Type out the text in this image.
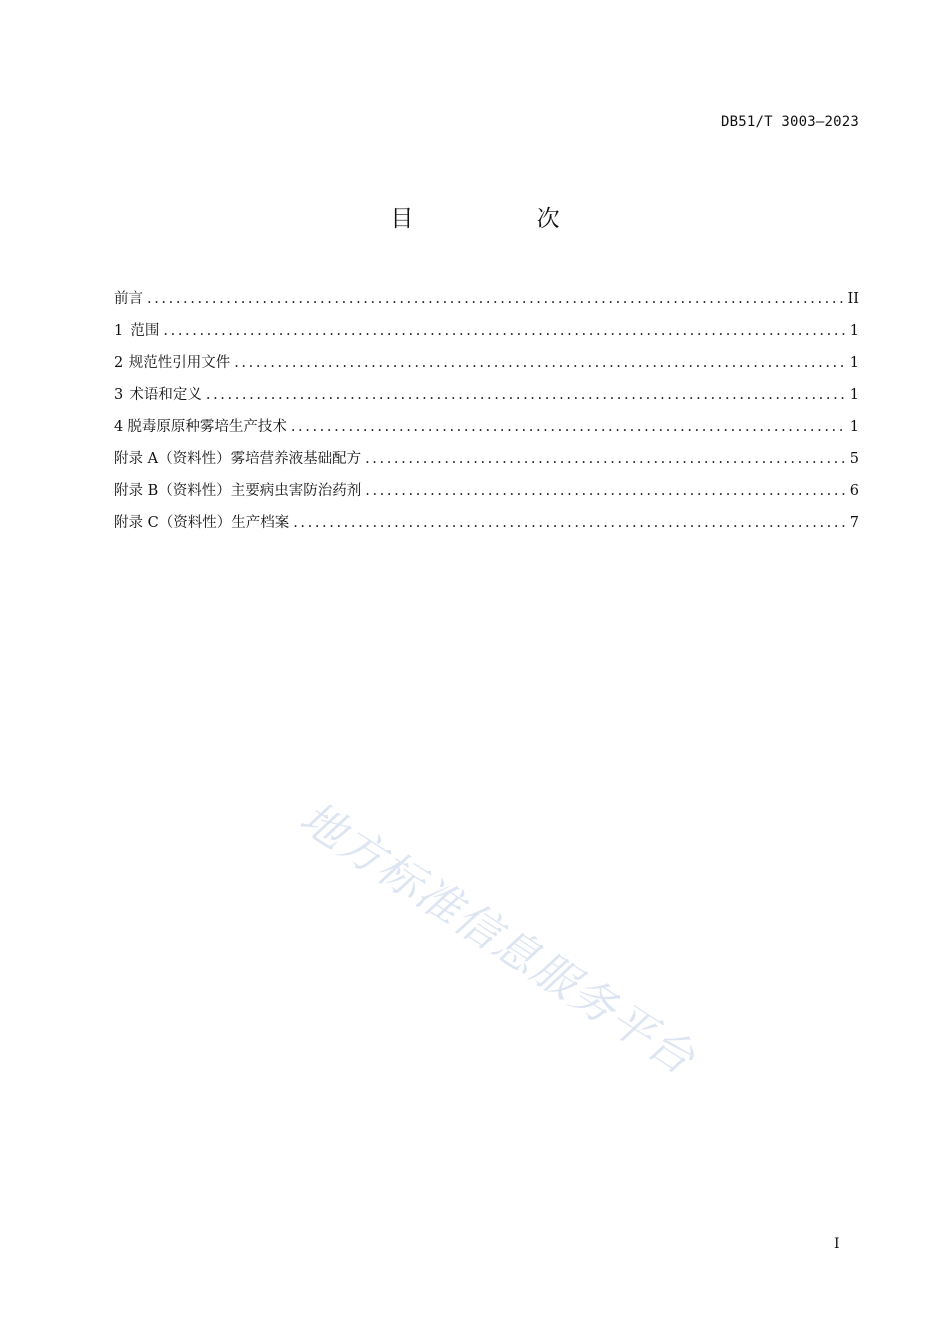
DB51/T 3003—2023
目 次
前言 .....	II
1 范围 .....	1
2 规范性引用文件 .....	1
3 术语和定义 .....	1
4 脱毒原原种雾培生产技术 .....	1
附录 A（资料性） 雾培营养液基础配方 .....	5
附录 B（资料性） 主要病虫害防治药剂 .....	6
附录 C（资料性） 生产档案 .....	7
地方标准信息服务平台
I
